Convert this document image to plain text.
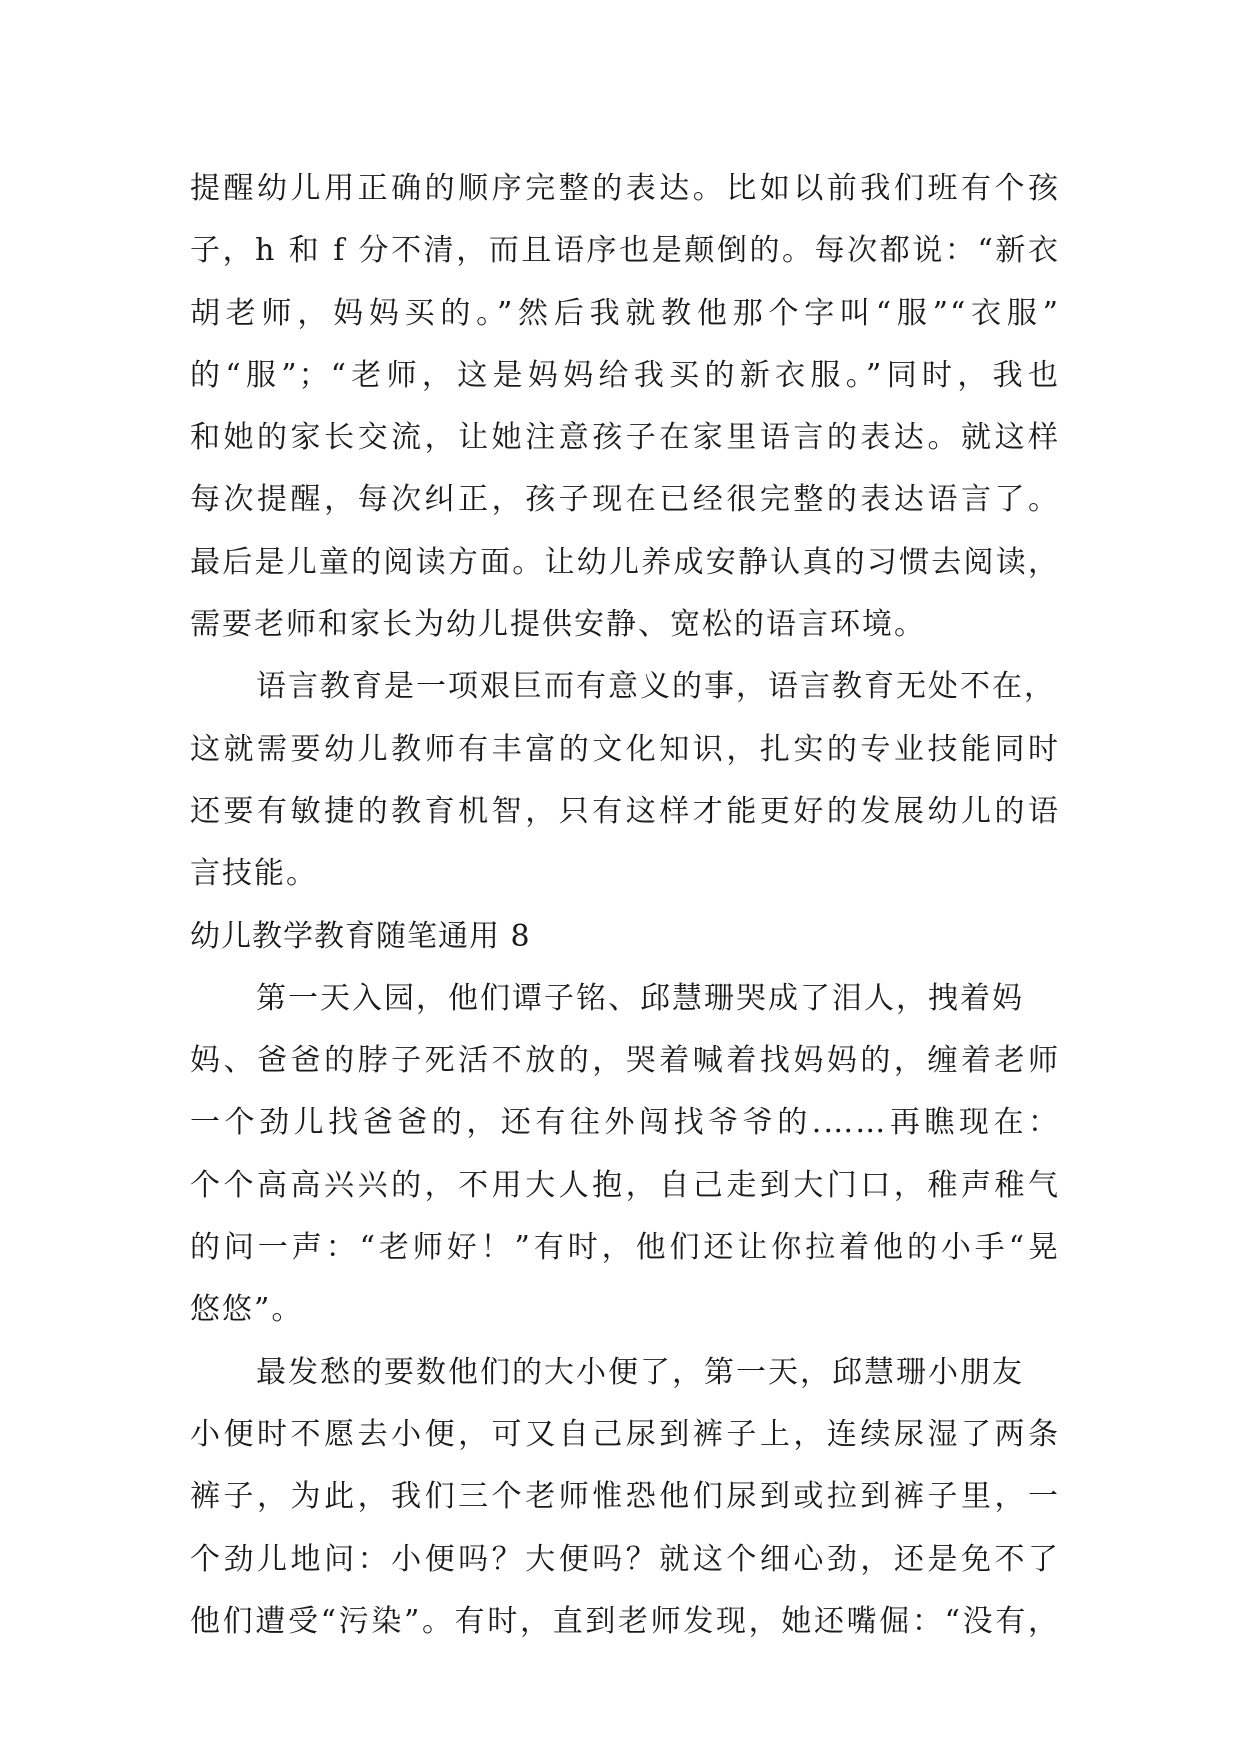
提醒幼儿用正确的顺序完整的表达。比如以前我们班有个孩
子，h 和 f 分不清，而且语序也是颠倒的。每次都说：“新衣
胡老师，妈妈买的。”然后我就教他那个字叫“服”“衣服”
的“服”；“老师，这是妈妈给我买的新衣服。”同时，我也
和她的家长交流，让她注意孩子在家里语言的表达。就这样
每次提醒，每次纠正，孩子现在已经很完整的表达语言了。
最后是儿童的阅读方面。让幼儿养成安静认真的习惯去阅读，
需要老师和家长为幼儿提供安静、宽松的语言环境。
语言教育是一项艰巨而有意义的事，语言教育无处不在，
这就需要幼儿教师有丰富的文化知识，扎实的专业技能同时
还要有敏捷的教育机智，只有这样才能更好的发展幼儿的语
言技能。
幼儿教学教育随笔通用 8
第一天入园，他们谭子铭、邱慧珊哭成了泪人，拽着妈
妈、爸爸的脖子死活不放的，哭着喊着找妈妈的，缠着老师
一个劲儿找爸爸的，还有往外闯找爷爷的.……再瞧现在：
个个高高兴兴的，不用大人抱，自己走到大门口，稚声稚气
的问一声：“老师好！”有时，他们还让你拉着他的小手“晃
悠悠”。
最发愁的要数他们的大小便了，第一天，邱慧珊小朋友
小便时不愿去小便，可又自己尿到裤子上，连续尿湿了两条
裤子，为此，我们三个老师惟恐他们尿到或拉到裤子里，一
个劲儿地问：小便吗？大便吗？就这个细心劲，还是免不了
他们遭受“污染”。有时，直到老师发现，她还嘴倔：“没有，
